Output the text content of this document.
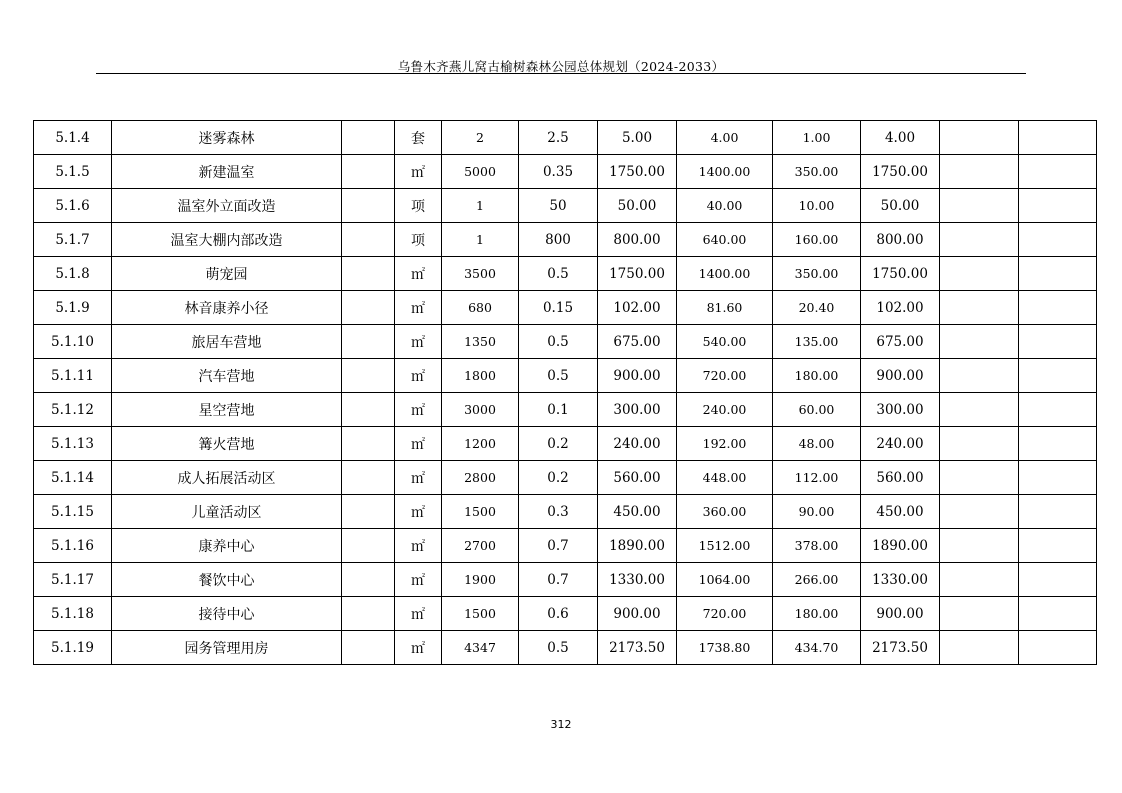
乌鲁木齐燕儿窝古榆树森林公园总体规划（2024-2033）
5.1.4	迷雾森林		套	2	2.5	5.00	4.00	1.00	4.00		
5.1.5	新建温室		㎡	5000	0.35	1750.00	1400.00	350.00	1750.00		
5.1.6	温室外立面改造		项	1	50	50.00	40.00	10.00	50.00		
5.1.7	温室大棚内部改造		项	1	800	800.00	640.00	160.00	800.00		
5.1.8	萌宠园		㎡	3500	0.5	1750.00	1400.00	350.00	1750.00		
5.1.9	林音康养小径		㎡	680	0.15	102.00	81.60	20.40	102.00		
5.1.10	旅居车营地		㎡	1350	0.5	675.00	540.00	135.00	675.00		
5.1.11	汽车营地		㎡	1800	0.5	900.00	720.00	180.00	900.00		
5.1.12	星空营地		㎡	3000	0.1	300.00	240.00	60.00	300.00		
5.1.13	篝火营地		㎡	1200	0.2	240.00	192.00	48.00	240.00		
5.1.14	成人拓展活动区		㎡	2800	0.2	560.00	448.00	112.00	560.00		
5.1.15	儿童活动区		㎡	1500	0.3	450.00	360.00	90.00	450.00		
5.1.16	康养中心		㎡	2700	0.7	1890.00	1512.00	378.00	1890.00		
5.1.17	餐饮中心		㎡	1900	0.7	1330.00	1064.00	266.00	1330.00		
5.1.18	接待中心		㎡	1500	0.6	900.00	720.00	180.00	900.00		
5.1.19	园务管理用房		㎡	4347	0.5	2173.50	1738.80	434.70	2173.50		
312
